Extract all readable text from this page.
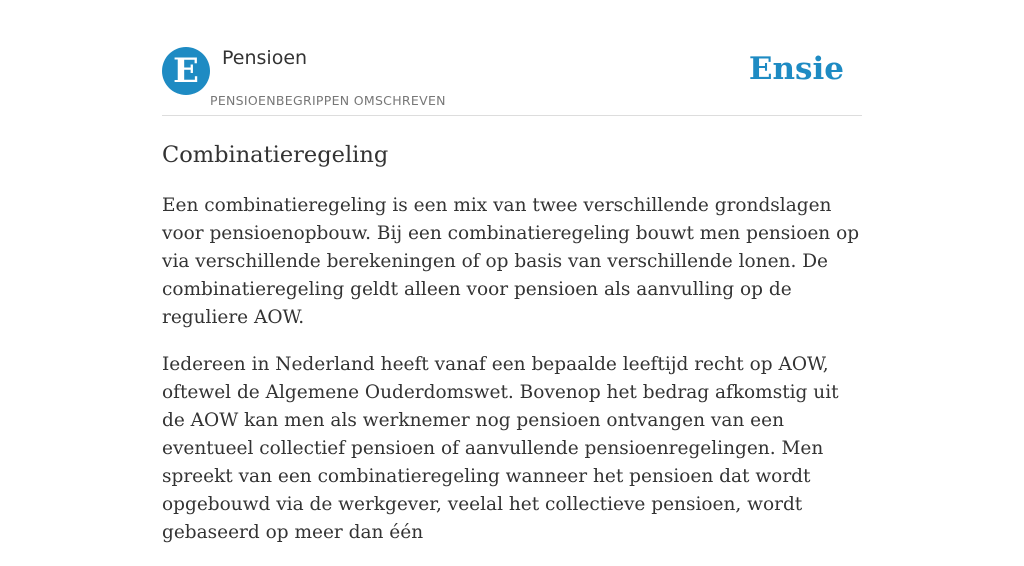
E Pensioen
PENSIOENBEGRIPPEN OMSCHREVEN
Ensie
Combinatieregeling

Een combinatieregeling is een mix van twee verschillende grondslagen voor pensioenopbouw. Bij een combinatieregeling bouwt men pensioen op via verschillende berekeningen of op basis van verschillende lonen. De combinatieregeling geldt alleen voor pensioen als aanvulling op de reguliere AOW.

Iedereen in Nederland heeft vanaf een bepaalde leeftijd recht op AOW, oftewel de Algemene Ouderdomswet. Bovenop het bedrag afkomstig uit de AOW kan men als werknemer nog pensioen ontvangen van een eventueel collectief pensioen of aanvullende pensioenregelingen. Men spreekt van een combinatieregeling wanneer het pensioen dat wordt opgebouwd via de werkgever, veelal het collectieve pensioen, wordt gebaseerd op meer dan één
